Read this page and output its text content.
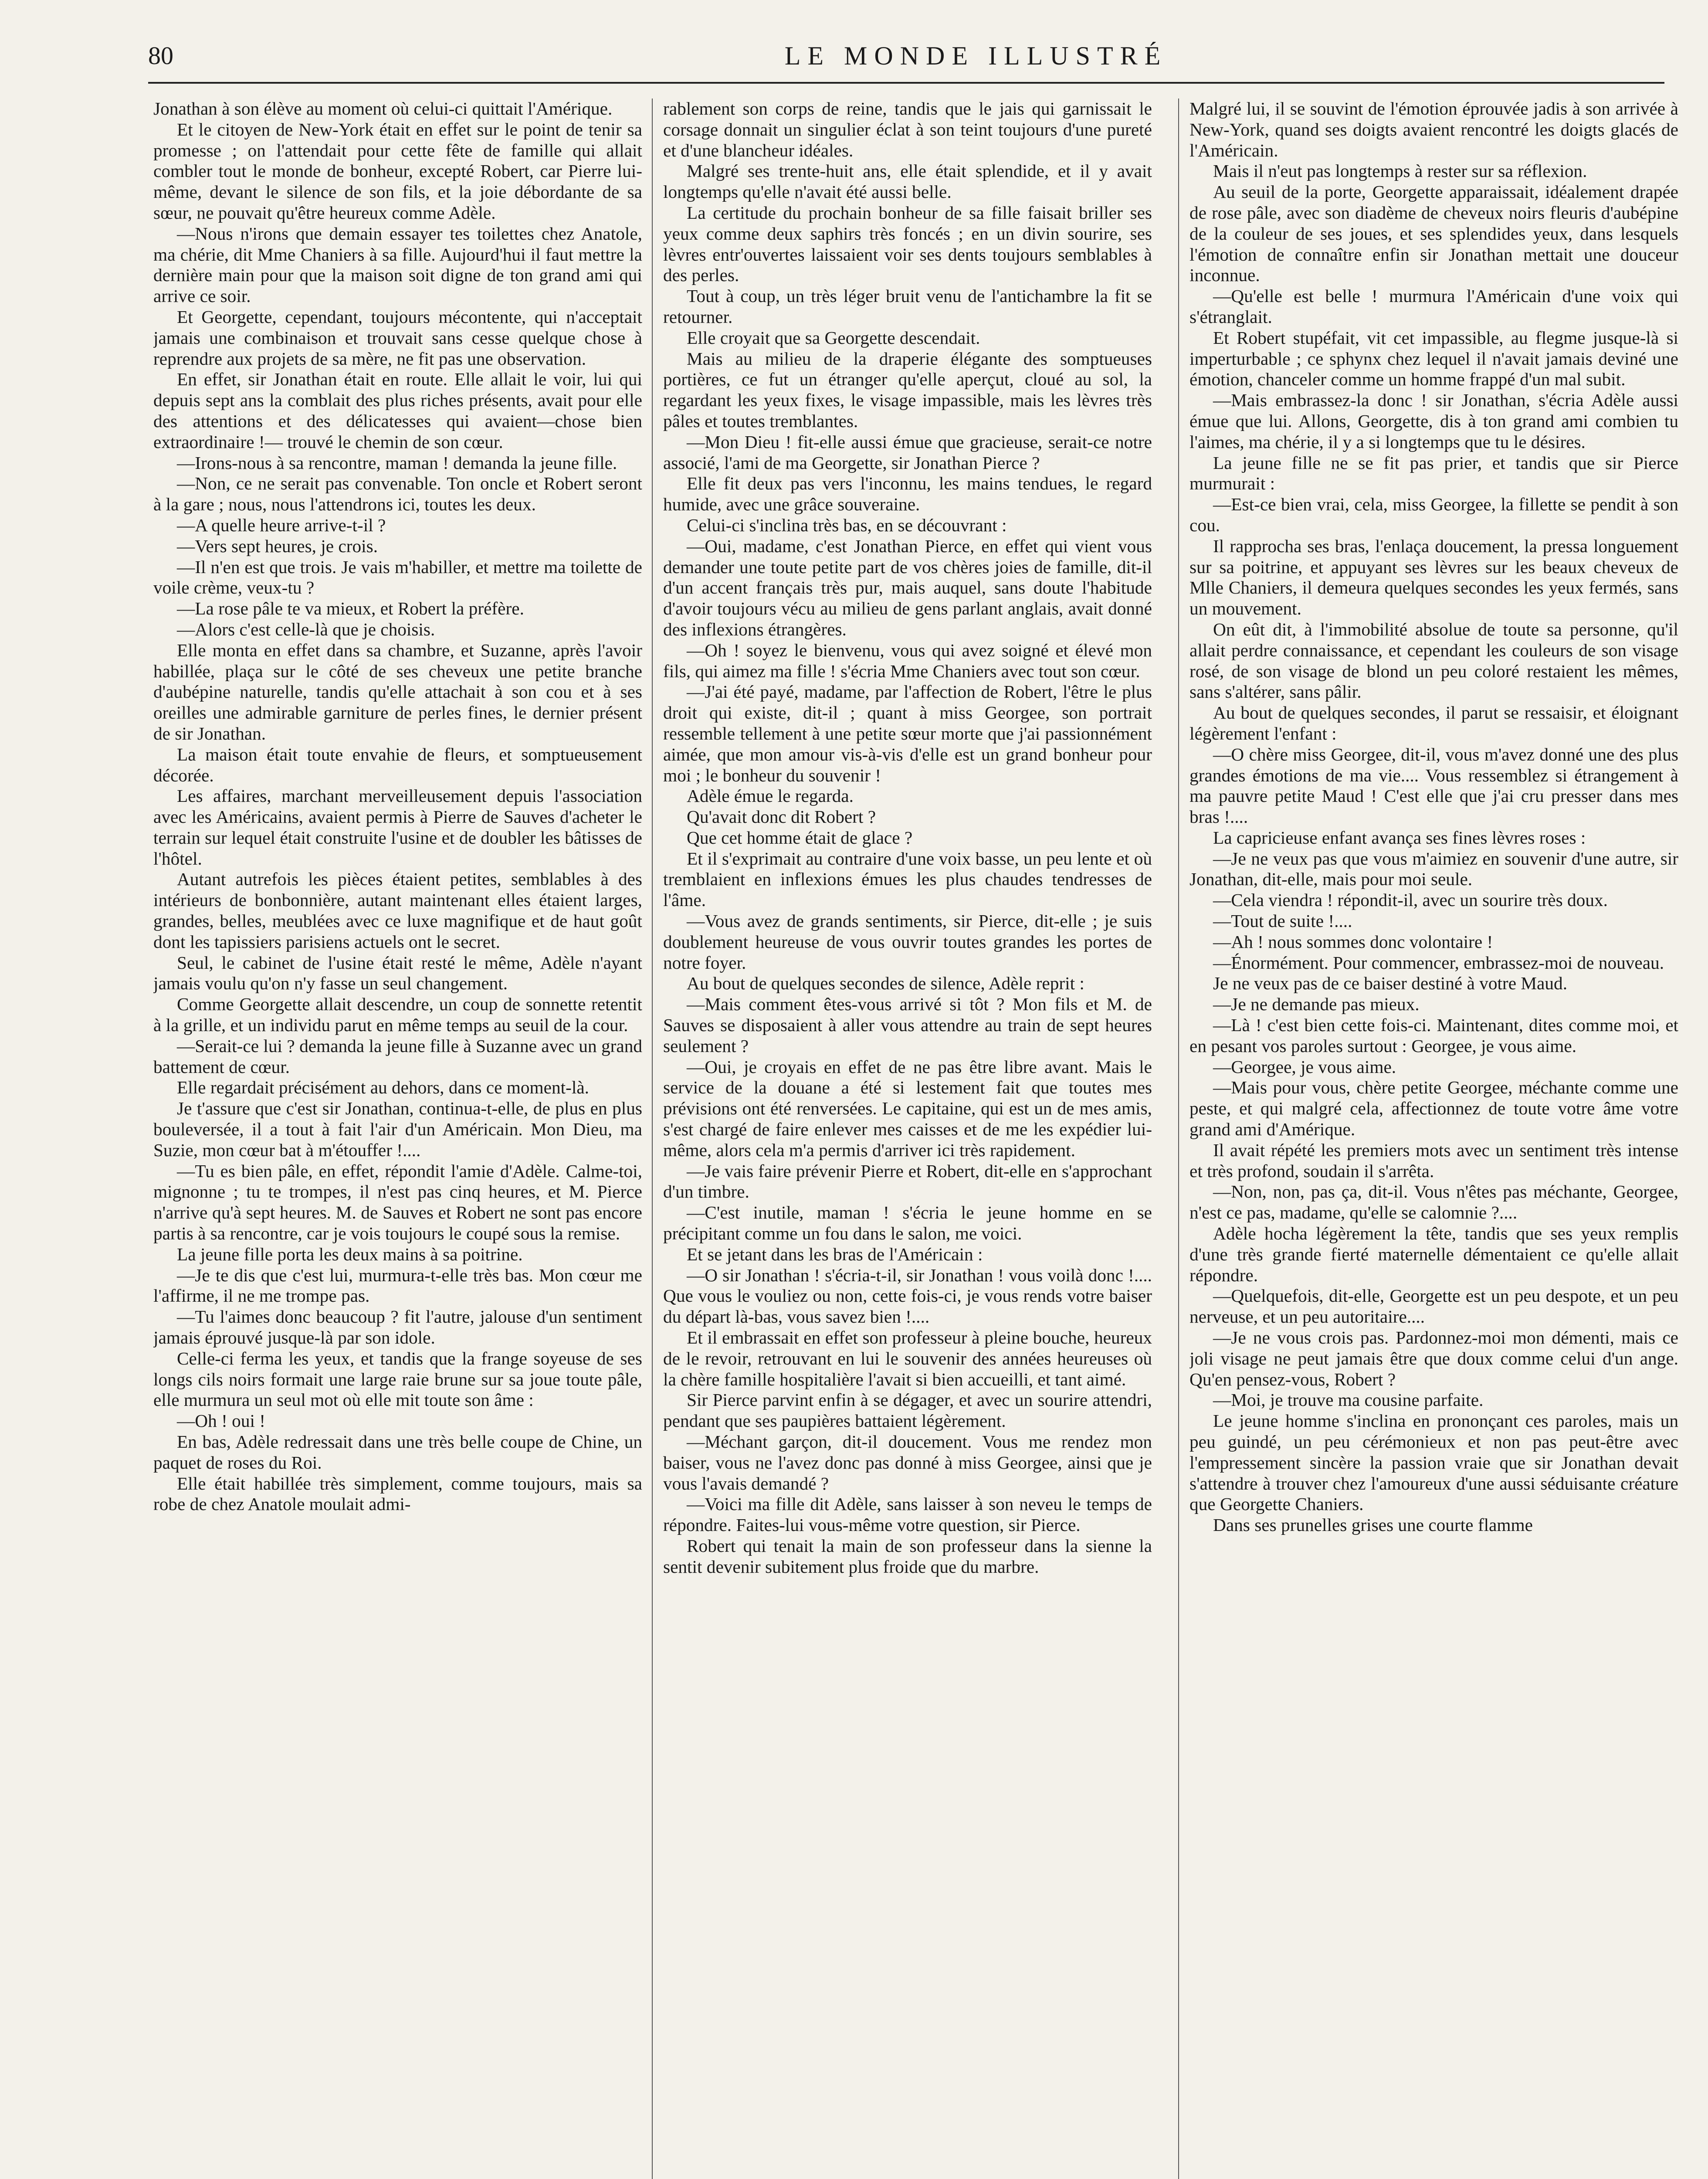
80	LE MONDE ILLUSTRÉ

Jonathan à son élève au moment où celui-ci quittait l'Amérique.

Et le citoyen de New-York était en effet sur le point de tenir sa promesse ; on l'attendait pour cette fête de famille qui allait combler tout le monde de bonheur, excepté Robert, car Pierre lui-même, devant le silence de son fils, et la joie débordante de sa sœur, ne pouvait qu'être heureux comme Adèle.

—Nous n'irons que demain essayer tes toilettes chez Anatole, ma chérie, dit Mme Chaniers à sa fille. Aujourd'hui il faut mettre la dernière main pour que la maison soit digne de ton grand ami qui arrive ce soir.

Et Georgette, cependant, toujours mécontente, qui n'acceptait jamais une combinaison et trouvait sans cesse quelque chose à reprendre aux projets de sa mère, ne fit pas une observation.

En effet, sir Jonathan était en route. Elle allait le voir, lui qui depuis sept ans la comblait des plus riches présents, avait pour elle des attentions et des délicatesses qui avaient—chose bien extraordinaire !— trouvé le chemin de son cœur.

—Irons-nous à sa rencontre, maman ! demanda la jeune fille.

—Non, ce ne serait pas convenable. Ton oncle et Robert seront à la gare ; nous, nous l'attendrons ici, toutes les deux.

—A quelle heure arrive-t-il ?

—Vers sept heures, je crois.

—Il n'en est que trois. Je vais m'habiller, et mettre ma toilette de voile crème, veux-tu ?

—La rose pâle te va mieux, et Robert la préfère.

—Alors c'est celle-là que je choisis.

Elle monta en effet dans sa chambre, et Suzanne, après l'avoir habillée, plaça sur le côté de ses cheveux une petite branche d'aubépine naturelle, tandis qu'elle attachait à son cou et à ses oreilles une admirable garniture de perles fines, le dernier présent de sir Jonathan.

La maison était toute envahie de fleurs, et somptueusement décorée.

Les affaires, marchant merveilleusement depuis l'association avec les Américains, avaient permis à Pierre de Sauves d'acheter le terrain sur lequel était construite l'usine et de doubler les bâtisses de l'hôtel.

Autant autrefois les pièces étaient petites, semblables à des intérieurs de bonbonnière, autant maintenant elles étaient larges, grandes, belles, meublées avec ce luxe magnifique et de haut goût dont les tapissiers parisiens actuels ont le secret.

Seul, le cabinet de l'usine était resté le même, Adèle n'ayant jamais voulu qu'on n'y fasse un seul changement.

Comme Georgette allait descendre, un coup de sonnette retentit à la grille, et un individu parut en même temps au seuil de la cour.

—Serait-ce lui ? demanda la jeune fille à Suzanne avec un grand battement de cœur.

Elle regardait précisément au dehors, dans ce moment-là.

Je t'assure que c'est sir Jonathan, continua-t-elle, de plus en plus bouleversée, il a tout à fait l'air d'un Américain. Mon Dieu, ma Suzie, mon cœur bat à m'étouffer !....

—Tu es bien pâle, en effet, répondit l'amie d'Adèle. Calme-toi, mignonne ; tu te trompes, il n'est pas cinq heures, et M. Pierce n'arrive qu'à sept heures. M. de Sauves et Robert ne sont pas encore partis à sa rencontre, car je vois toujours le coupé sous la remise.

La jeune fille porta les deux mains à sa poitrine.

—Je te dis que c'est lui, murmura-t-elle très bas. Mon cœur me l'affirme, il ne me trompe pas.

—Tu l'aimes donc beaucoup ? fit l'autre, jalouse d'un sentiment jamais éprouvé jusque-là par son idole.

Celle-ci ferma les yeux, et tandis que la frange soyeuse de ses longs cils noirs formait une large raie brune sur sa joue toute pâle, elle murmura un seul mot où elle mit toute son âme :

—Oh ! oui !

En bas, Adèle redressait dans une très belle coupe de Chine, un paquet de roses du Roi.

Elle était habillée très simplement, comme toujours, mais sa robe de chez Anatole moulait admi-

rablement son corps de reine, tandis que le jais qui garnissait le corsage donnait un singulier éclat à son teint toujours d'une pureté et d'une blancheur idéales.

Malgré ses trente-huit ans, elle était splendide, et il y avait longtemps qu'elle n'avait été aussi belle.

La certitude du prochain bonheur de sa fille faisait briller ses yeux comme deux saphirs très foncés ; en un divin sourire, ses lèvres entr'ouvertes laissaient voir ses dents toujours semblables à des perles.

Tout à coup, un très léger bruit venu de l'antichambre la fit se retourner.

Elle croyait que sa Georgette descendait.

Mais au milieu de la draperie élégante des somptueuses portières, ce fut un étranger qu'elle aperçut, cloué au sol, la regardant les yeux fixes, le visage impassible, mais les lèvres très pâles et toutes tremblantes.

—Mon Dieu ! fit-elle aussi émue que gracieuse, serait-ce notre associé, l'ami de ma Georgette, sir Jonathan Pierce ?

Elle fit deux pas vers l'inconnu, les mains tendues, le regard humide, avec une grâce souveraine.

Celui-ci s'inclina très bas, en se découvrant :

—Oui, madame, c'est Jonathan Pierce, en effet qui vient vous demander une toute petite part de vos chères joies de famille, dit-il d'un accent français très pur, mais auquel, sans doute l'habitude d'avoir toujours vécu au milieu de gens parlant anglais, avait donné des inflexions étrangères.

—Oh ! soyez le bienvenu, vous qui avez soigné et élevé mon fils, qui aimez ma fille ! s'écria Mme Chaniers avec tout son cœur.

—J'ai été payé, madame, par l'affection de Robert, l'être le plus droit qui existe, dit-il ; quant à miss Georgee, son portrait ressemble tellement à une petite sœur morte que j'ai passionnément aimée, que mon amour vis-à-vis d'elle est un grand bonheur pour moi ; le bonheur du souvenir !

Adèle émue le regarda.

Qu'avait donc dit Robert ?

Que cet homme était de glace ?

Et il s'exprimait au contraire d'une voix basse, un peu lente et où tremblaient en inflexions émues les plus chaudes tendresses de l'âme.

—Vous avez de grands sentiments, sir Pierce, dit-elle ; je suis doublement heureuse de vous ouvrir toutes grandes les portes de notre foyer.

Au bout de quelques secondes de silence, Adèle reprit :

—Mais comment êtes-vous arrivé si tôt ? Mon fils et M. de Sauves se disposaient à aller vous attendre au train de sept heures seulement ?

—Oui, je croyais en effet de ne pas être libre avant. Mais le service de la douane a été si lestement fait que toutes mes prévisions ont été renversées. Le capitaine, qui est un de mes amis, s'est chargé de faire enlever mes caisses et de me les expédier lui-même, alors cela m'a permis d'arriver ici très rapidement.

—Je vais faire prévenir Pierre et Robert, dit-elle en s'approchant d'un timbre.

—C'est inutile, maman ! s'écria le jeune homme en se précipitant comme un fou dans le salon, me voici.

Et se jetant dans les bras de l'Américain :

—O sir Jonathan ! s'écria-t-il, sir Jonathan ! vous voilà donc !.... Que vous le vouliez ou non, cette fois-ci, je vous rends votre baiser du départ là-bas, vous savez bien !....

Et il embrassait en effet son professeur à pleine bouche, heureux de le revoir, retrouvant en lui le souvenir des années heureuses où la chère famille hospitalière l'avait si bien accueilli, et tant aimé.

Sir Pierce parvint enfin à se dégager, et avec un sourire attendri, pendant que ses paupières battaient légèrement.

—Méchant garçon, dit-il doucement. Vous me rendez mon baiser, vous ne l'avez donc pas donné à miss Georgee, ainsi que je vous l'avais demandé ?

—Voici ma fille dit Adèle, sans laisser à son neveu le temps de répondre. Faites-lui vous-même votre question, sir Pierce.

Robert qui tenait la main de son professeur dans la sienne la sentit devenir subitement plus froide que du marbre.

Malgré lui, il se souvint de l'émotion éprouvée jadis à son arrivée à New-York, quand ses doigts avaient rencontré les doigts glacés de l'Américain.

Mais il n'eut pas longtemps à rester sur sa réflexion.

Au seuil de la porte, Georgette apparaissait, idéalement drapée de rose pâle, avec son diadème de cheveux noirs fleuris d'aubépine de la couleur de ses joues, et ses splendides yeux, dans lesquels l'émotion de connaître enfin sir Jonathan mettait une douceur inconnue.

—Qu'elle est belle ! murmura l'Américain d'une voix qui s'étranglait.

Et Robert stupéfait, vit cet impassible, au flegme jusque-là si imperturbable ; ce sphynx chez lequel il n'avait jamais deviné une émotion, chanceler comme un homme frappé d'un mal subit.

—Mais embrassez-la donc ! sir Jonathan, s'écria Adèle aussi émue que lui. Allons, Georgette, dis à ton grand ami combien tu l'aimes, ma chérie, il y a si longtemps que tu le désires.

La jeune fille ne se fit pas prier, et tandis que sir Pierce murmurait :

—Est-ce bien vrai, cela, miss Georgee, la fillette se pendit à son cou.

Il rapprocha ses bras, l'enlaça doucement, la pressa longuement sur sa poitrine, et appuyant ses lèvres sur les beaux cheveux de Mlle Chaniers, il demeura quelques secondes les yeux fermés, sans un mouvement.

On eût dit, à l'immobilité absolue de toute sa personne, qu'il allait perdre connaissance, et cependant les couleurs de son visage rosé, de son visage de blond un peu coloré restaient les mêmes, sans s'altérer, sans pâlir.

Au bout de quelques secondes, il parut se ressaisir, et éloignant légèrement l'enfant :

—O chère miss Georgee, dit-il, vous m'avez donné une des plus grandes émotions de ma vie.... Vous ressemblez si étrangement à ma pauvre petite Maud ! C'est elle que j'ai cru presser dans mes bras !....

La capricieuse enfant avança ses fines lèvres roses :

—Je ne veux pas que vous m'aimiez en souvenir d'une autre, sir Jonathan, dit-elle, mais pour moi seule.

—Cela viendra ! répondit-il, avec un sourire très doux.

—Tout de suite !....

—Ah ! nous sommes donc volontaire !

—Énormément. Pour commencer, embrassez-moi de nouveau.

Je ne veux pas de ce baiser destiné à votre Maud.

—Je ne demande pas mieux.

—Là ! c'est bien cette fois-ci. Maintenant, dites comme moi, et en pesant vos paroles surtout : Georgee, je vous aime.

—Georgee, je vous aime.

—Mais pour vous, chère petite Georgee, méchante comme une peste, et qui malgré cela, affectionnez de toute votre âme votre grand ami d'Amérique.

Il avait répété les premiers mots avec un sentiment très intense et très profond, soudain il s'arrêta.

—Non, non, pas ça, dit-il. Vous n'êtes pas méchante, Georgee, n'est ce pas, madame, qu'elle se calomnie ?....

Adèle hocha légèrement la tête, tandis que ses yeux remplis d'une très grande fierté maternelle démentaient ce qu'elle allait répondre.

—Quelquefois, dit-elle, Georgette est un peu despote, et un peu nerveuse, et un peu autoritaire....

—Je ne vous crois pas. Pardonnez-moi mon démenti, mais ce joli visage ne peut jamais être que doux comme celui d'un ange. Qu'en pensez-vous, Robert ?

—Moi, je trouve ma cousine parfaite.

Le jeune homme s'inclina en prononçant ces paroles, mais un peu guindé, un peu cérémonieux et non pas peut-être avec l'empressement sincère la passion vraie que sir Jonathan devait s'attendre à trouver chez l'amoureux d'une aussi séduisante créature que Georgette Chaniers.

Dans ses prunelles grises une courte flamme
